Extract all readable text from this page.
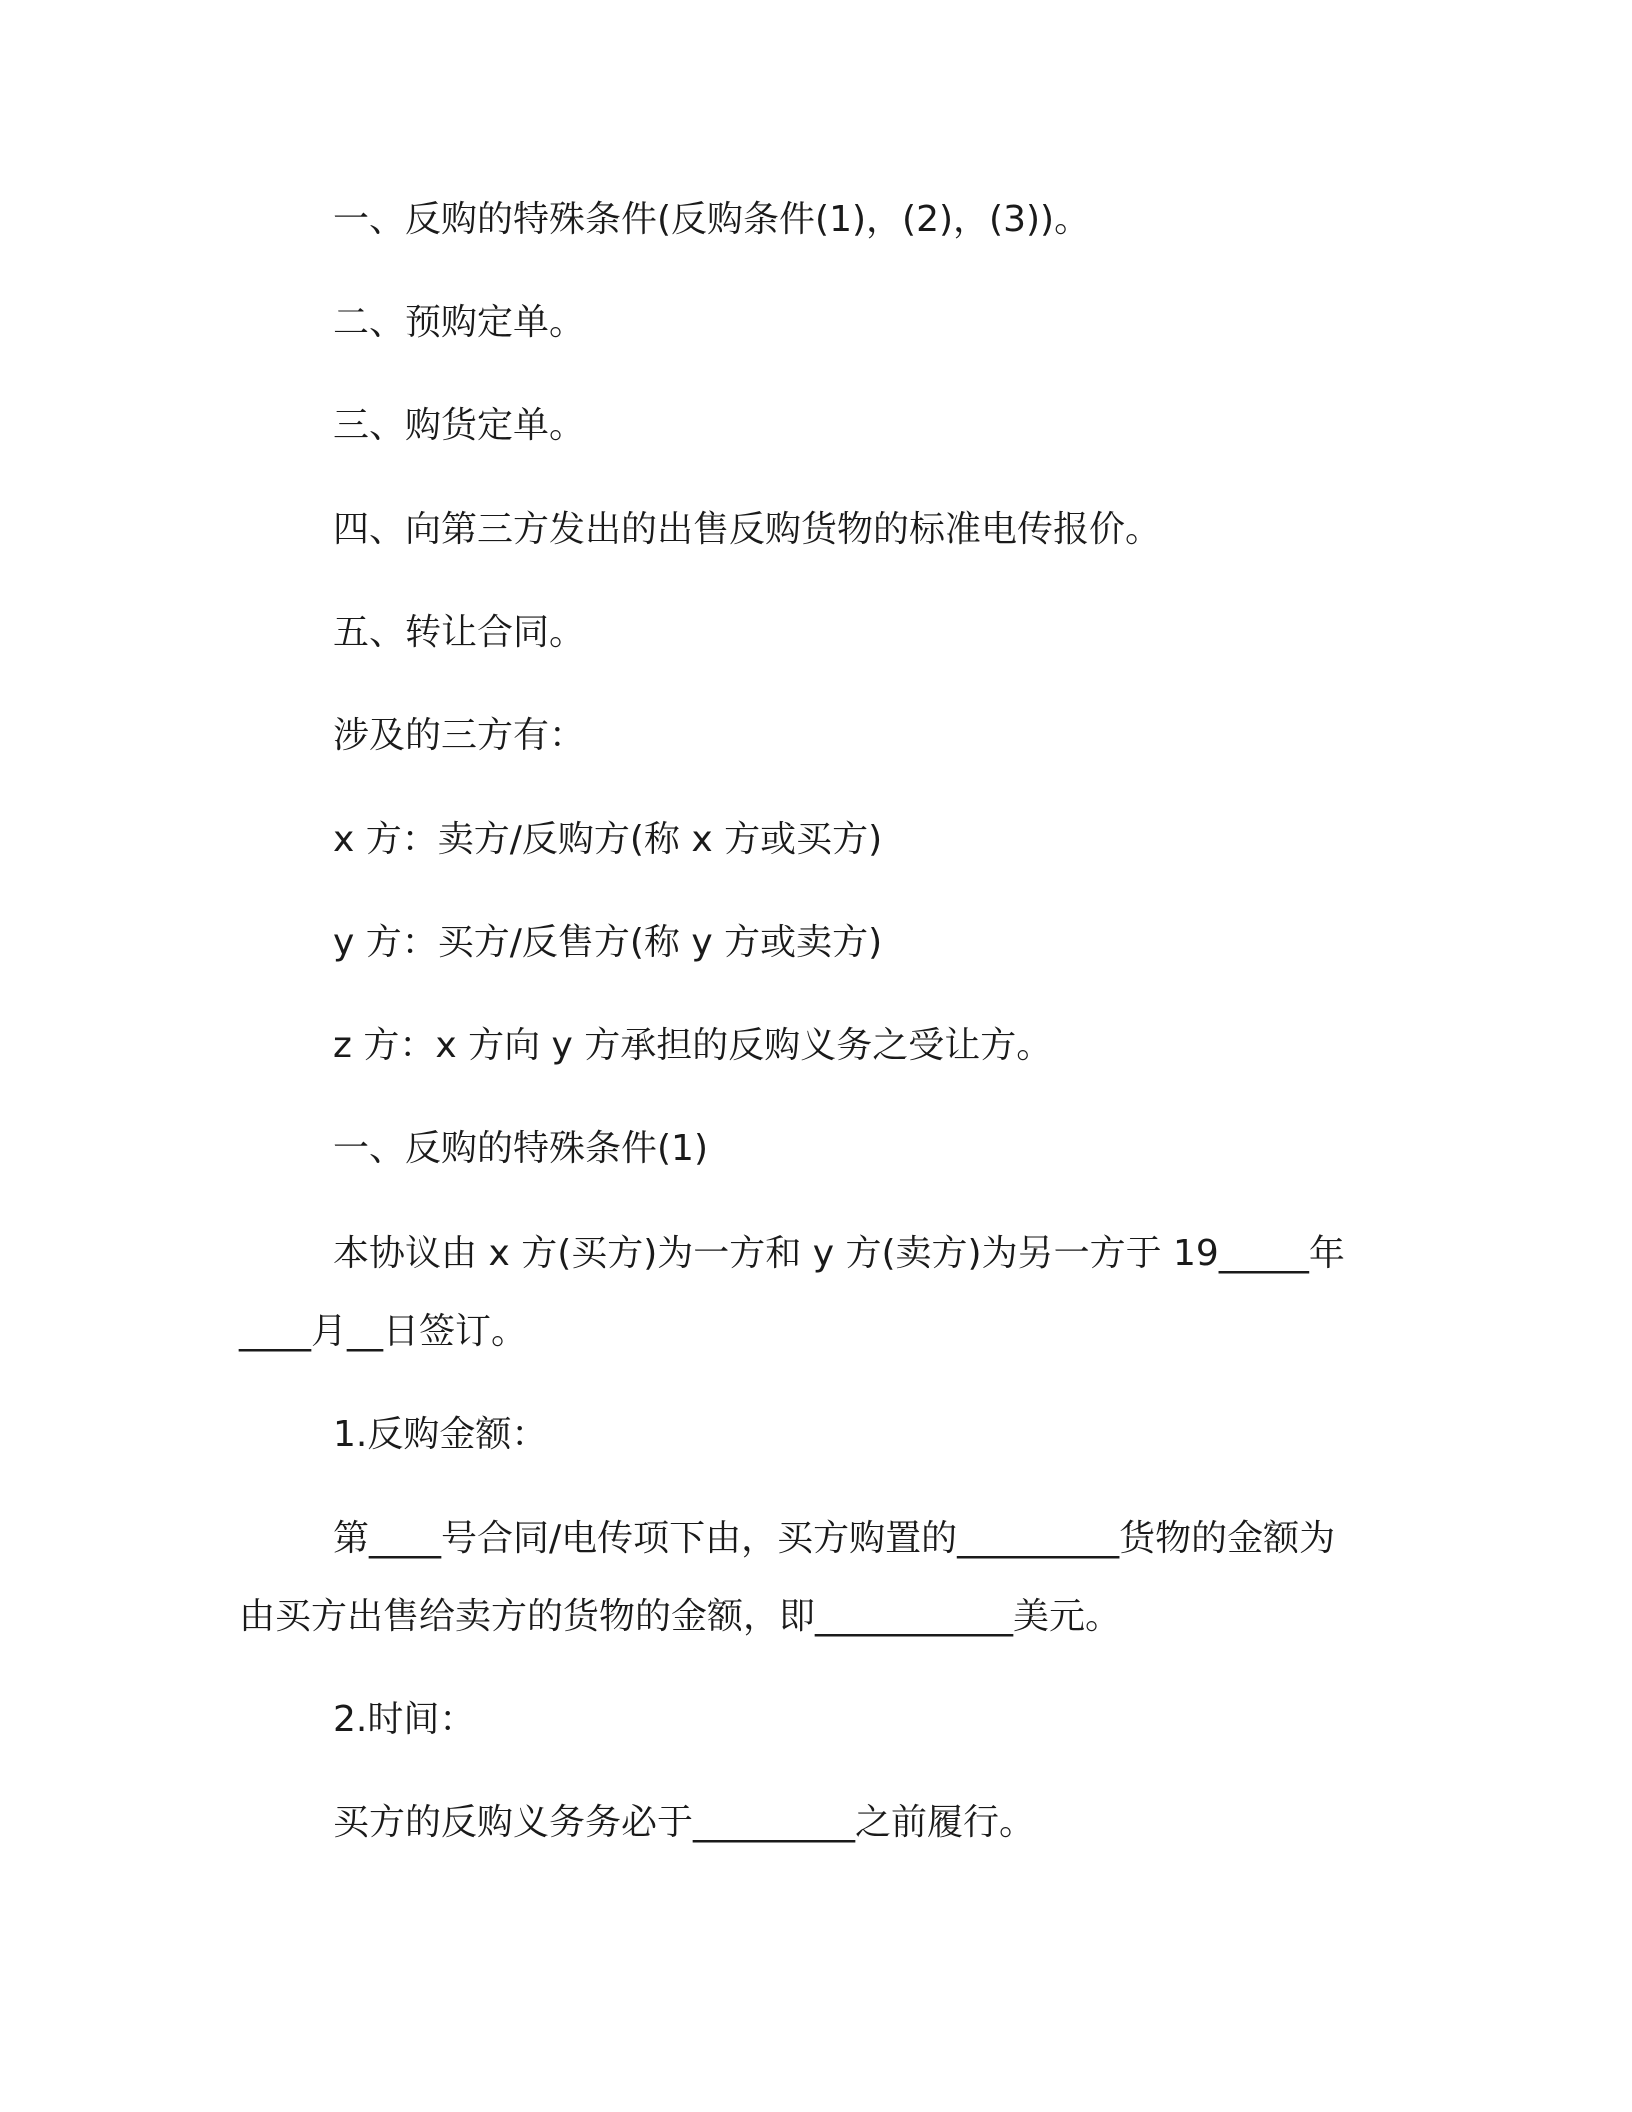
一、反购的特殊条件(反购条件(1)，(2)，(3))。
二、预购定单。
三、购货定单。
四、向第三方发出的出售反购货物的标准电传报价。
五、转让合同。
涉及的三方有：
x 方：卖方/反购方(称 x 方或买方)
y 方：买方/反售方(称 y 方或卖方)
z 方：x 方向 y 方承担的反购义务之受让方。
一、反购的特殊条件(1)
本协议由 x 方(买方)为一方和 y 方(卖方)为另一方于 19_____年
____月__日签订。
1.反购金额：
第____号合同/电传项下由，买方购置的_________货物的金额为
由买方出售给卖方的货物的金额，即___________美元。
2.时间：
买方的反购义务务必于_________之前履行。
